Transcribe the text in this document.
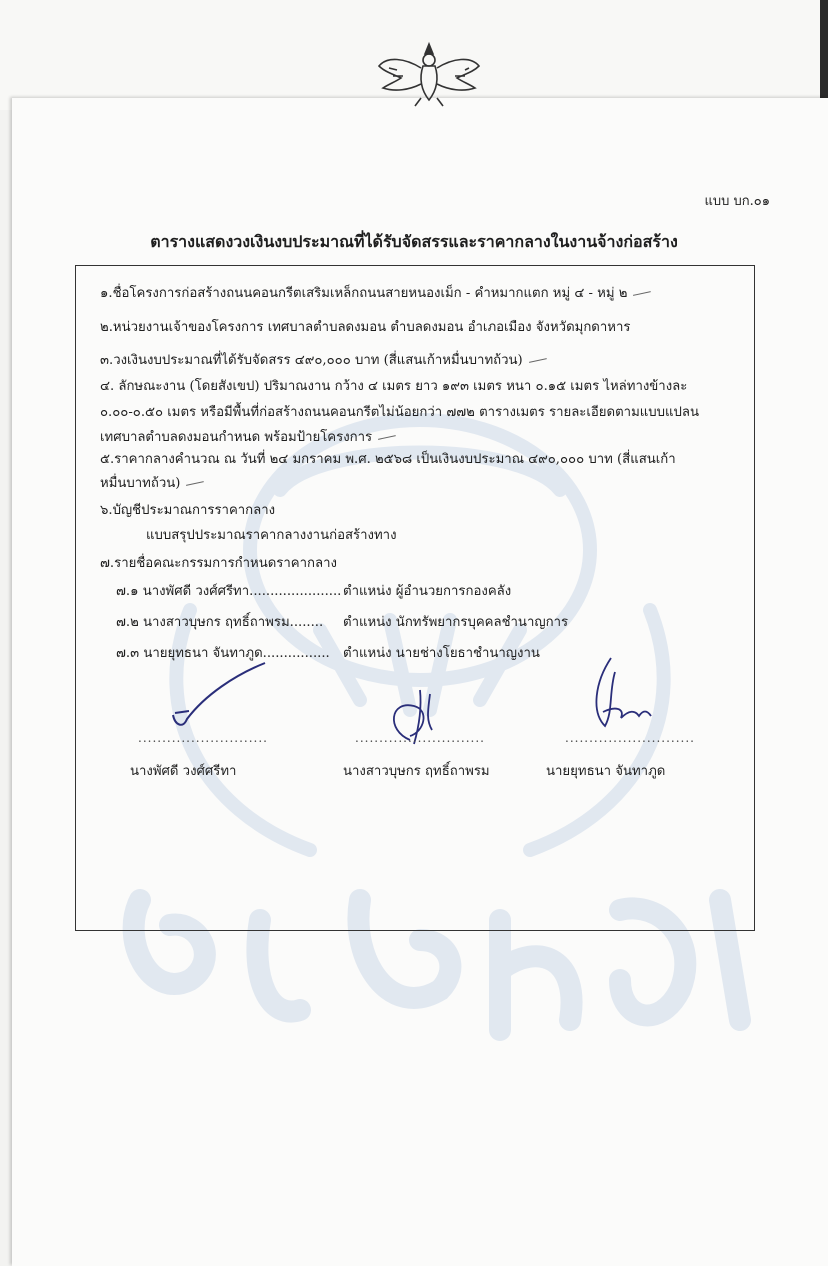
แบบ บก.๐๑
ตารางแสดงวงเงินงบประมาณที่ได้รับจัดสรรและราคากลางในงานจ้างก่อสร้าง
๑.ชื่อโครงการก่อสร้างถนนคอนกรีตเสริมเหล็กถนนสายหนองเม็ก - คำหมากแตก หมู่ ๔ - หมู่ ๒
๒.หน่วยงานเจ้าของโครงการ เทศบาลตำบลดงมอน ตำบลดงมอน อำเภอเมือง จังหวัดมุกดาหาร
๓.วงเงินงบประมาณที่ได้รับจัดสรร ๔๙๐,๐๐๐ บาท (สี่แสนเก้าหมื่นบาทถ้วน)
๔. ลักษณะงาน (โดยสังเขป) ปริมาณงาน กว้าง ๔ เมตร ยาว ๑๙๓ เมตร หนา ๐.๑๕ เมตร ไหล่ทางข้างละ
๐.๐๐-๐.๕๐ เมตร หรือมีพื้นที่ก่อสร้างถนนคอนกรีตไม่น้อยกว่า ๗๗๒ ตารางเมตร รายละเอียดตามแบบแปลน
เทศบาลตำบลดงมอนกำหนด พร้อมป้ายโครงการ
๕.ราคากลางคำนวณ ณ วันที่ ๒๔ มกราคม พ.ศ. ๒๕๖๘ เป็นเงินงบประมาณ ๔๙๐,๐๐๐ บาท (สี่แสนเก้า
หมื่นบาทถ้วน)
๖.บัญชีประมาณการราคากลาง
แบบสรุปประมาณราคากลางงานก่อสร้างทาง
๗.รายชื่อคณะกรรมการกำหนดราคากลาง
๗.๑ นางพัศดี วงศ์ศรีทา...................... ตำแหน่ง ผู้อำนวยการกองคลัง
๗.๒ นางสาวบุษกร ฤทธิ์ถาพรม........ ตำแหน่ง นักทรัพยากรบุคคลชำนาญการ
๗.๓ นายยุทธนา จันทาภูด................ ตำแหน่ง นายช่างโยธาชำนาญงาน
...........................
นางพัศดี วงศ์ศรีทา
...........................
นางสาวบุษกร ฤทธิ์ถาพรม
...........................
นายยุทธนา จันทาภูด
